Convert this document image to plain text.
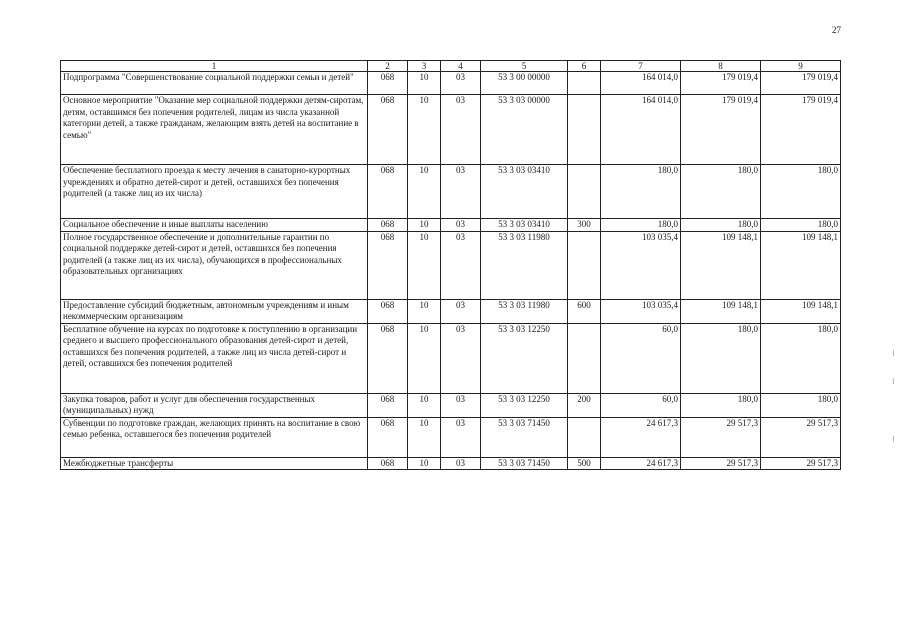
27
1	2	3	4	5	6	7	8	9
Подпрограмма "Совершенствование социальной поддержки семьи и детей"	068	10	03	53 3 00 00000		164 014,0	179 019,4	179 019,4
Основное мероприятие "Оказание мер социальной поддержки детям-сиротам, детям, оставшимся без попечения родителей, лицам из числа указанной категории детей, а также гражданам, желающим взять детей на воспитание в семью"	068	10	03	53 3 03 00000		164 014,0	179 019,4	179 019,4
Обеспечение бесплатного проезда к месту лечения в санаторно-курортных учреждениях и обратно детей-сирот и детей, оставшихся без попечения родителей (а также лиц из их числа)	068	10	03	53 3 03 03410		180,0	180,0	180,0
Социальное обеспечение и иные выплаты населению	068	10	03	53 3 03 03410	300	180,0	180,0	180,0
Полное государственное обеспечение и дополнительные гарантии по социальной поддержке детей-сирот и детей, оставшихся без попечения родителей (а также лиц из их числа), обучающихся в профессиональных образовательных организациях	068	10	03	53 3 03 11980		103 035,4	109 148,1	109 148,1
Предоставление субсидий бюджетным, автономным учреждениям и иным некоммерческим организациям	068	10	03	53 3 03 11980	600	103 035,4	109 148,1	109 148,1
Бесплатное обучение на курсах по подготовке к поступлению в организации среднего и высшего профессионального образования детей-сирот и детей, оставшихся без попечения родителей, а также лиц из числа детей-сирот и детей, оставшихся без попечения родителей	068	10	03	53 3 03 12250		60,0	180,0	180,0
Закупка товаров, работ и услуг для обеспечения государственных (муниципальных) нужд	068	10	03	53 3 03 12250	200	60,0	180,0	180,0
Субвенции по подготовке граждан, желающих принять на воспитание в свою семью ребенка, оставшегося без попечения родителей	068	10	03	53 3 03 71450		24 617,3	29 517,3	29 517,3
Межбюджетные трансферты	068	10	03	53 3 03 71450	500	24 617,3	29 517,3	29 517,3
